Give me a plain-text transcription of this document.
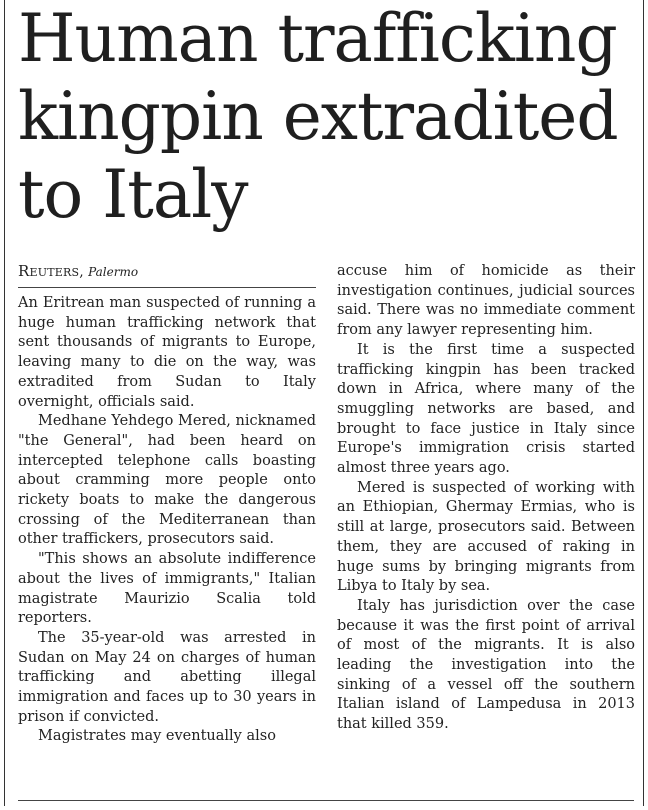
Human trafficking
kingpin extradited
to Italy
Reuters, Palermo

An Eritrean man suspected of running a huge human trafficking network that sent thousands of migrants to Europe, leaving many to die on the way, was extradited from Sudan to Italy overnight, officials said.

Medhane Yehdego Mered, nicknamed "the General", had been heard on intercepted telephone calls boasting about cramming more people onto rickety boats to make the dangerous crossing of the Mediterranean than other traffickers, prosecutors said.

"This shows an absolute indifference about the lives of immigrants," Italian magistrate Maurizio Scalia told reporters.

The 35-year-old was arrested in Sudan on May 24 on charges of human trafficking and abetting illegal immigration and faces up to 30 years in prison if convicted.

Magistrates may eventually also

accuse him of homicide as their investigation continues, judicial sources said. There was no immediate comment from any lawyer representing him.

It is the first time a suspected trafficking kingpin has been tracked down in Africa, where many of the smuggling networks are based, and brought to face justice in Italy since Europe's immigration crisis started almost three years ago.

Mered is suspected of working with an Ethiopian, Ghermay Ermias, who is still at large, prosecutors said. Between them, they are accused of raking in huge sums by bringing migrants from Libya to Italy by sea.

Italy has jurisdiction over the case because it was the first point of arrival of most of the migrants. It is also leading the investigation into the sinking of a vessel off the southern Italian island of Lampedusa in 2013 that killed 359.
